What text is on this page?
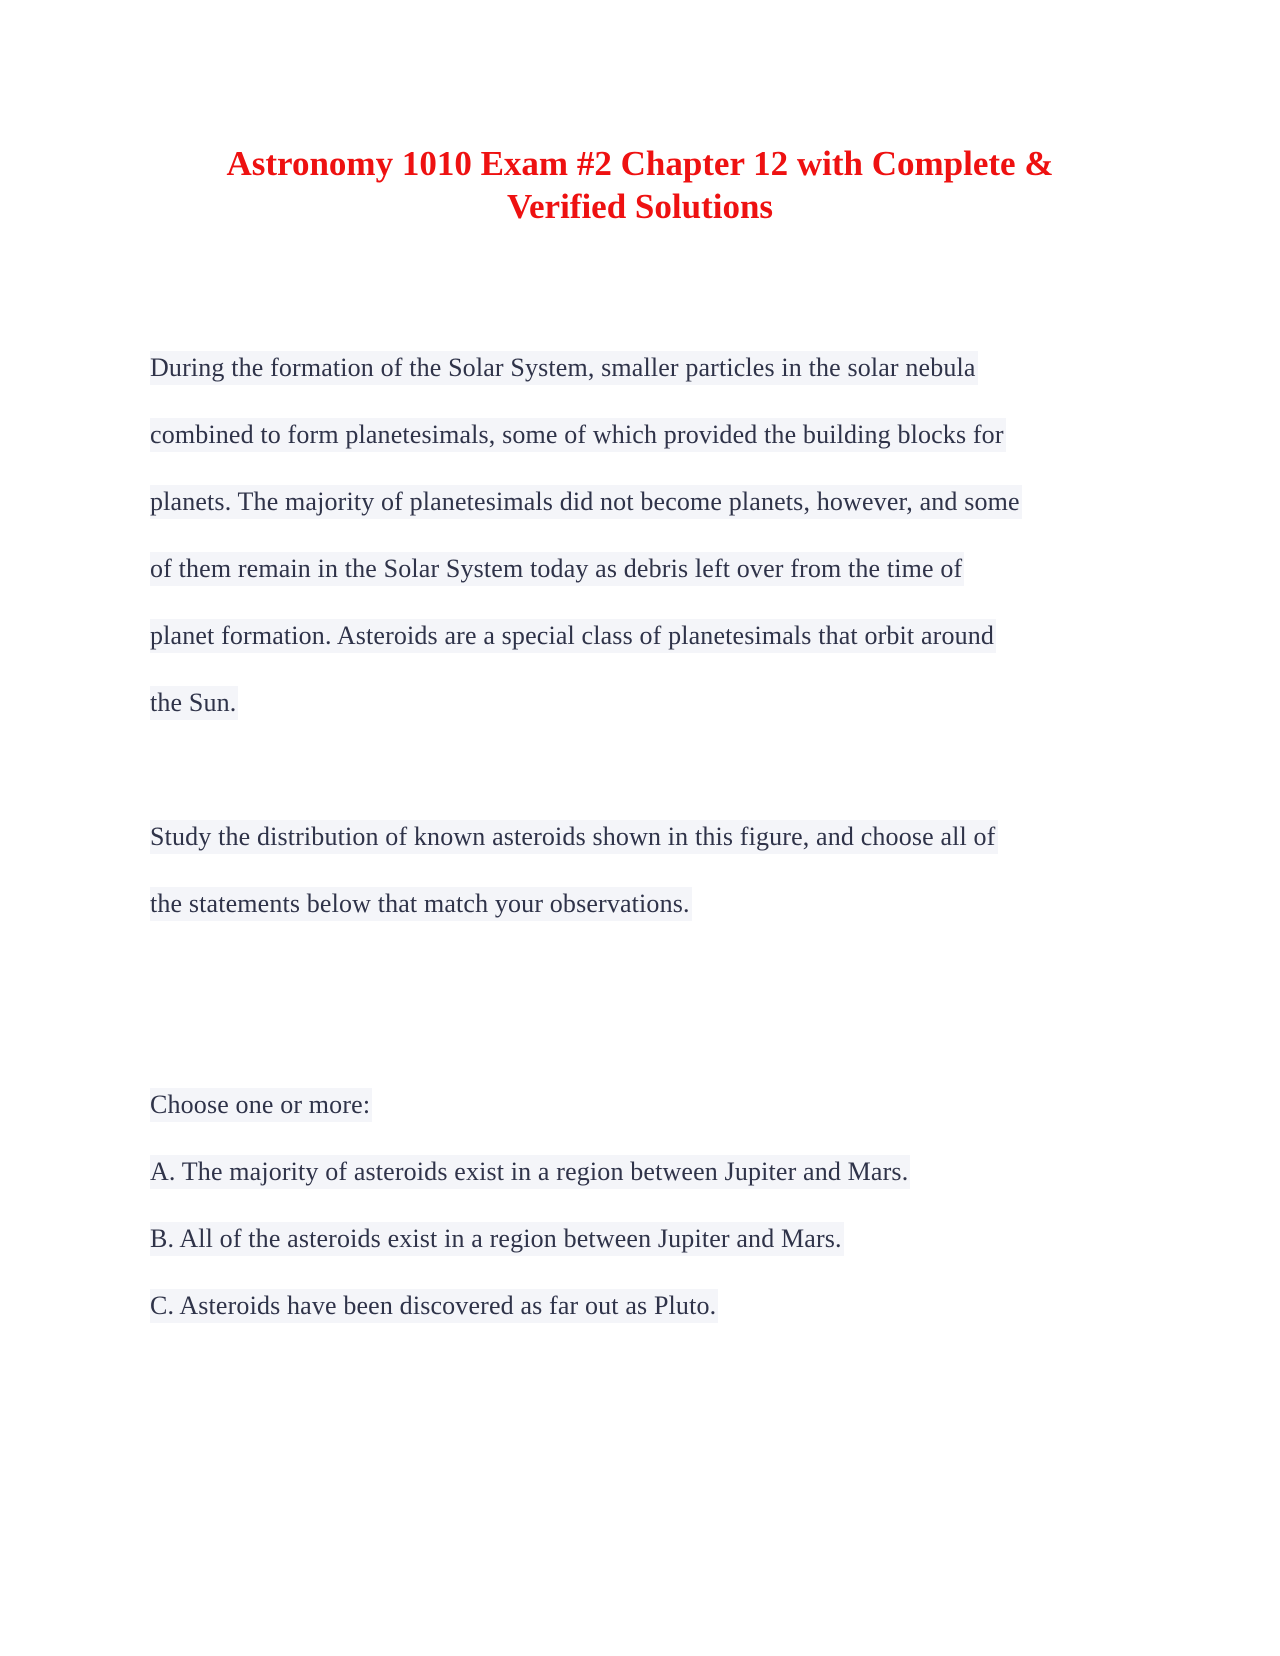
Astronomy 1010 Exam #2 Chapter 12 with Complete &
Verified Solutions
During the formation of the Solar System, smaller particles in the solar nebula
combined to form planetesimals, some of which provided the building blocks for
planets. The majority of planetesimals did not become planets, however, and some
of them remain in the Solar System today as debris left over from the time of
planet formation. Asteroids are a special class of planetesimals that orbit around
the Sun.
Study the distribution of known asteroids shown in this figure, and choose all of
the statements below that match your observations.
Choose one or more:
A. The majority of asteroids exist in a region between Jupiter and Mars.
B. All of the asteroids exist in a region between Jupiter and Mars.
C. Asteroids have been discovered as far out as Pluto.
